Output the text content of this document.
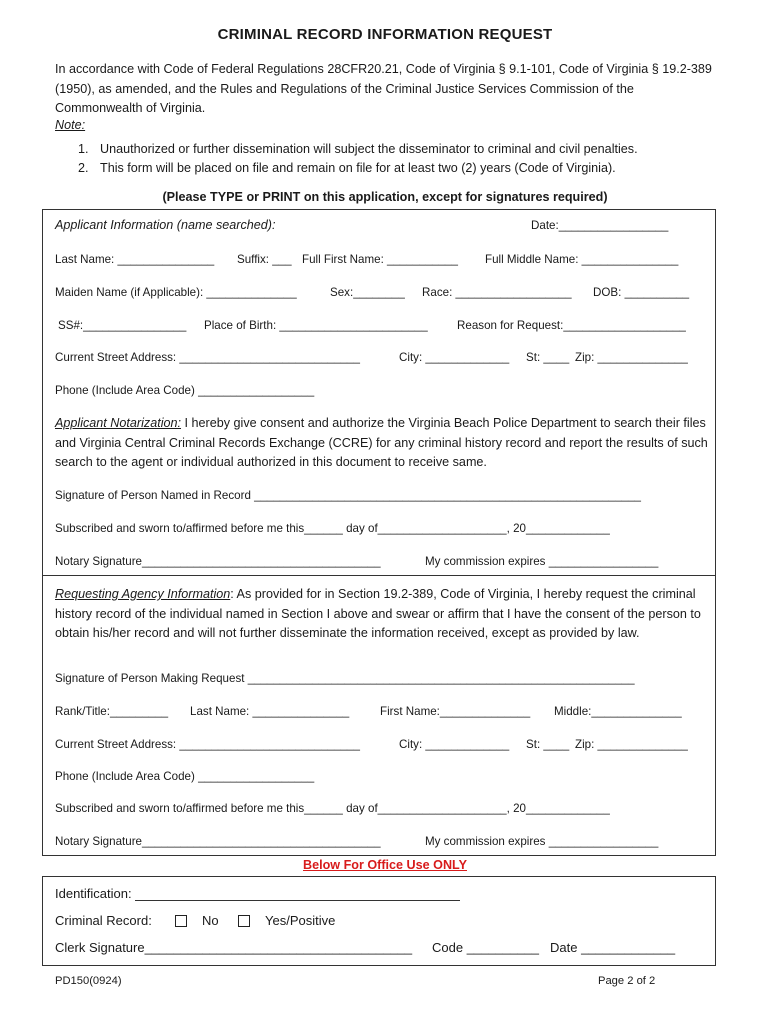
CRIMINAL RECORD INFORMATION REQUEST
In accordance with Code of Federal Regulations 28CFR20.21, Code of Virginia § 9.1-101, Code of Virginia § 19.2-389 (1950), as amended, and the Rules and Regulations of the Criminal Justice Services Commission of the Commonwealth of Virginia.
Note:
1. Unauthorized or further dissemination will subject the disseminator to criminal and civil penalties.
2. This form will be placed on file and remain on file for at least two (2) years (Code of Virginia).
(Please TYPE or PRINT on this application, except for signatures required)
Applicant Information (name searched):	Date:_________________
Last Name: _______________ Suffix: ___ Full First Name: ___________ Full Middle Name: _______________
Maiden Name (if Applicable): ______________	Sex:________ Race: __________________ DOB: __________
SS#:________________ Place of Birth: _______________________	Reason for Request:___________________
Current Street Address: ____________________________	City: _____________ St: ____ Zip: ______________
Phone (Include Area Code) __________________
Applicant Notarization: I hereby give consent and authorize the Virginia Beach Police Department to search their files and Virginia Central Criminal Records Exchange (CCRE) for any criminal history record and report the results of such search to the agent or individual authorized in this document to receive same.
Signature of Person Named in Record ____________________________________________________________
Subscribed and sworn to/affirmed before me this______ day of____________________, 20_____________
Notary Signature_____________________________________	My commission expires _________________
Requesting Agency Information: As provided for in Section 19.2-389, Code of Virginia, I hereby request the criminal history record of the individual named in Section I above and swear or affirm that I have the consent of the person to obtain his/her record and will not further disseminate the information received, except as provided by law.
Signature of Person Making Request ____________________________________________________________
Rank/Title:_________ Last Name: _______________	First Name:______________ Middle:______________
Current Street Address: ____________________________	City: _____________ St: ____ Zip: ______________
Phone (Include Area Code) __________________
Subscribed and sworn to/affirmed before me this______ day of____________________, 20_____________
Notary Signature_____________________________________	My commission expires _________________
Below For Office Use ONLY
Identification:
Criminal Record:	No	Yes/Positive
Clerk Signature_____________________________________ Code __________ Date _____________
PD150(0924)	Page 2 of 2
